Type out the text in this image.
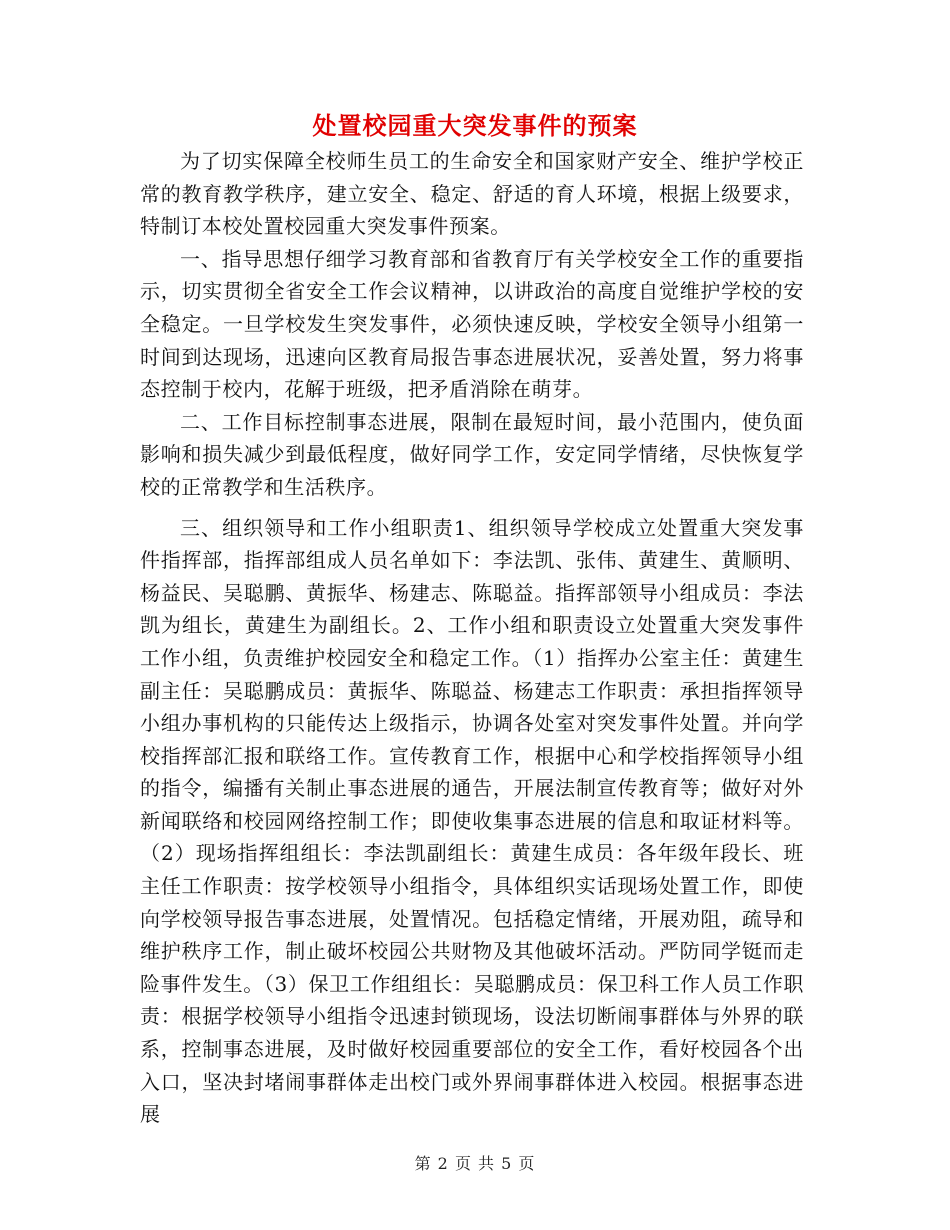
处置校园重大突发事件的预案

为了切实保障全校师生员工的生命安全和国家财产安全、维护学校正常的教育教学秩序，建立安全、稳定、舒适的育人环境，根据上级要求，特制订本校处置校园重大突发事件预案。

一、指导思想仔细学习教育部和省教育厅有关学校安全工作的重要指示，切实贯彻全省安全工作会议精神，以讲政治的高度自觉维护学校的安全稳定。一旦学校发生突发事件，必须快速反映，学校安全领导小组第一时间到达现场，迅速向区教育局报告事态进展状况，妥善处置，努力将事态控制于校内，花解于班级，把矛盾消除在萌芽。

二、工作目标控制事态进展，限制在最短时间，最小范围内，使负面影响和损失减少到最低程度，做好同学工作，安定同学情绪，尽快恢复学校的正常教学和生活秩序。

三、组织领导和工作小组职责1、组织领导学校成立处置重大突发事件指挥部，指挥部组成人员名单如下：李法凯、张伟、黄建生、黄顺明、杨益民、吴聪鹏、黄振华、杨建志、陈聪益。指挥部领导小组成员：李法凯为组长，黄建生为副组长。2、工作小组和职责设立处置重大突发事件工作小组，负责维护校园安全和稳定工作。（1）指挥办公室主任：黄建生副主任：吴聪鹏成员：黄振华、陈聪益、杨建志工作职责：承担指挥领导小组办事机构的只能传达上级指示，协调各处室对突发事件处置。并向学校指挥部汇报和联络工作。宣传教育工作，根据中心和学校指挥领导小组的指令，编播有关制止事态进展的通告，开展法制宣传教育等；做好对外新闻联络和校园网络控制工作；即使收集事态进展的信息和取证材料等。（2）现场指挥组组长：李法凯副组长：黄建生成员：各年级年段长、班主任工作职责：按学校领导小组指令，具体组织实话现场处置工作，即使向学校领导报告事态进展，处置情况。包括稳定情绪，开展劝阻，疏导和维护秩序工作，制止破坏校园公共财物及其他破坏活动。严防同学铤而走险事件发生。（3）保卫工作组组长：吴聪鹏成员：保卫科工作人员工作职责：根据学校领导小组指令迅速封锁现场，设法切断闹事群体与外界的联系，控制事态进展，及时做好校园重要部位的安全工作，看好校园各个出入口，坚决封堵闹事群体走出校门或外界闹事群体进入校园。根据事态进展

第 2 页 共 5 页
